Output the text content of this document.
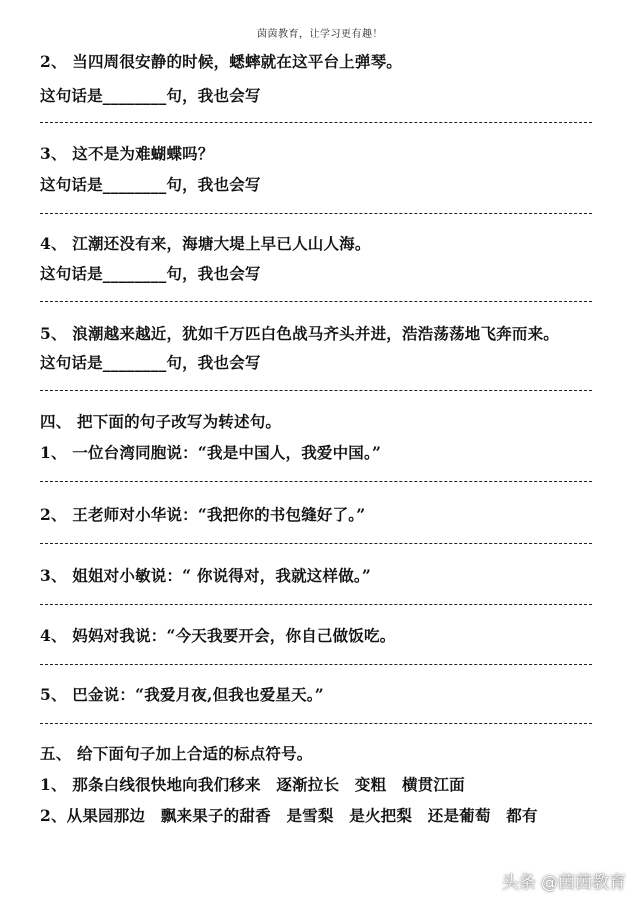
茵茵教育，让学习更有趣！
2、 当四周很安静的时候，蟋蟀就在这平台上弹琴。
这句话是________句，我也会写
3、 这不是为难蝴蝶吗？
这句话是________句，我也会写
4、 江潮还没有来，海塘大堤上早已人山人海。
这句话是________句，我也会写
5、 浪潮越来越近，犹如千万匹白色战马齐头并进，浩浩荡荡地飞奔而来。
这句话是________句，我也会写
四、 把下面的句子改写为转述句。
1、 一位台湾同胞说：“我是中国人，我爱中国。”
2、 王老师对小华说：“我把你的书包缝好了。”
3、 姐姐对小敏说：“ 你说得对，我就这样做。”
4、 妈妈对我说：“今天我要开会，你自己做饭吃。
5、 巴金说：“我爱月夜,但我也爱星天。”
五、 给下面句子加上合适的标点符号。
1、 那条白线很快地向我们移来　逐渐拉长　变粗　横贯江面
2、从果园那边　飘来果子的甜香　是雪梨　是火把梨　还是葡萄　都有
头条 @茵茵教育
